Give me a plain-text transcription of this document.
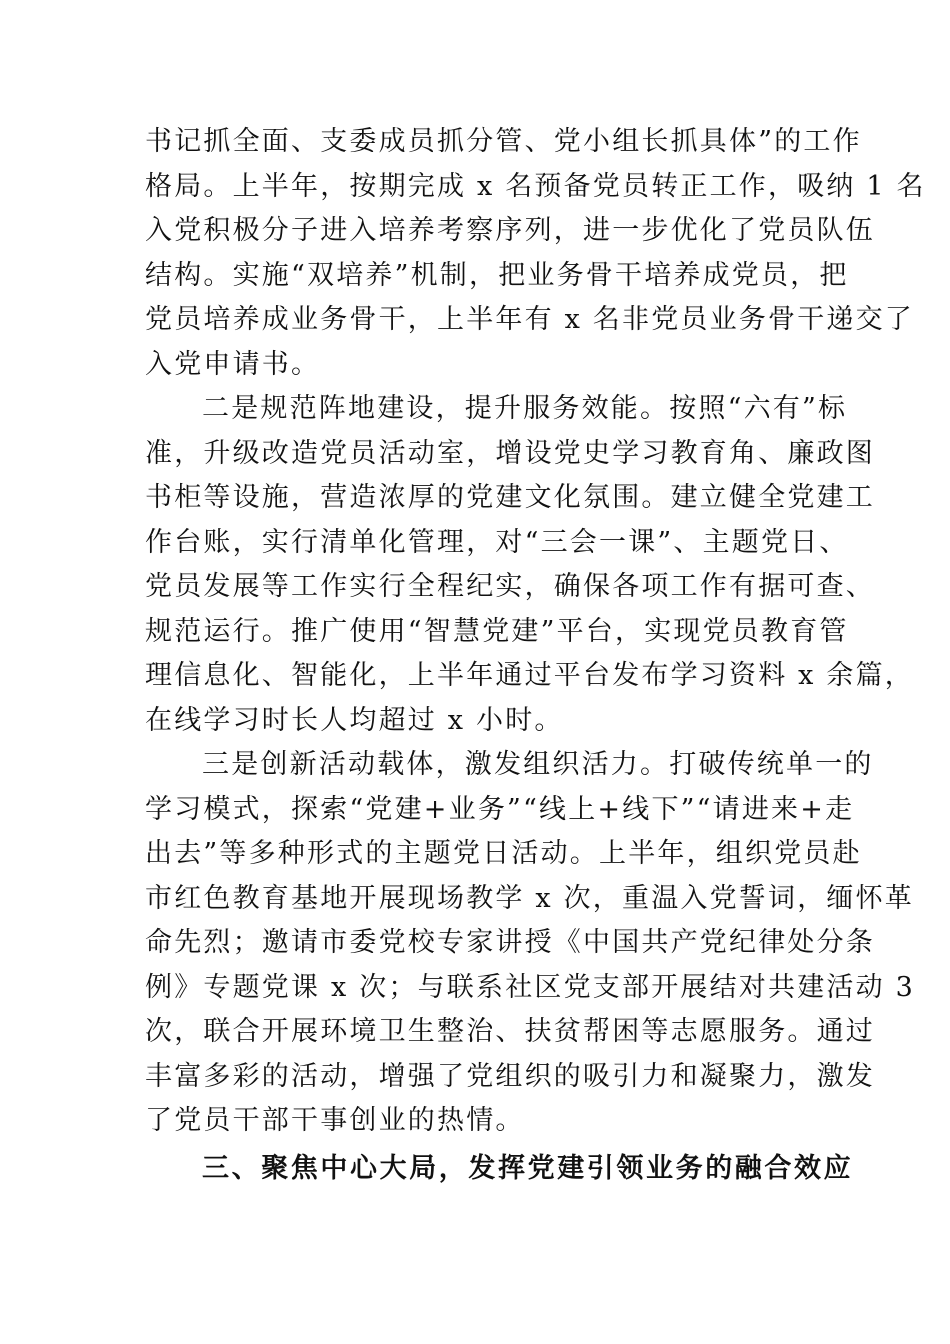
书记抓全面、支委成员抓分管、党小组长抓具体”的工作
格局。上半年，按期完成 x 名预备党员转正工作，吸纳 1 名
入党积极分子进入培养考察序列，进一步优化了党员队伍
结构。实施“双培养”机制，把业务骨干培养成党员，把
党员培养成业务骨干，上半年有 x 名非党员业务骨干递交了
入党申请书。
二是规范阵地建设，提升服务效能。按照“六有”标
准，升级改造党员活动室，增设党史学习教育角、廉政图
书柜等设施，营造浓厚的党建文化氛围。建立健全党建工
作台账，实行清单化管理，对“三会一课”、主题党日、
党员发展等工作实行全程纪实，确保各项工作有据可查、
规范运行。推广使用“智慧党建”平台，实现党员教育管
理信息化、智能化，上半年通过平台发布学习资料 x 余篇，
在线学习时长人均超过 x 小时。
三是创新活动载体，激发组织活力。打破传统单一的
学习模式，探索“党建+业务”“线上+线下”“请进来+走
出去”等多种形式的主题党日活动。上半年，组织党员赴
市红色教育基地开展现场教学 x 次，重温入党誓词，缅怀革
命先烈；邀请市委党校专家讲授《中国共产党纪律处分条
例》专题党课 x 次；与联系社区党支部开展结对共建活动 3
次，联合开展环境卫生整治、扶贫帮困等志愿服务。通过
丰富多彩的活动，增强了党组织的吸引力和凝聚力，激发
了党员干部干事创业的热情。
三、聚焦中心大局，发挥党建引领业务的融合效应
